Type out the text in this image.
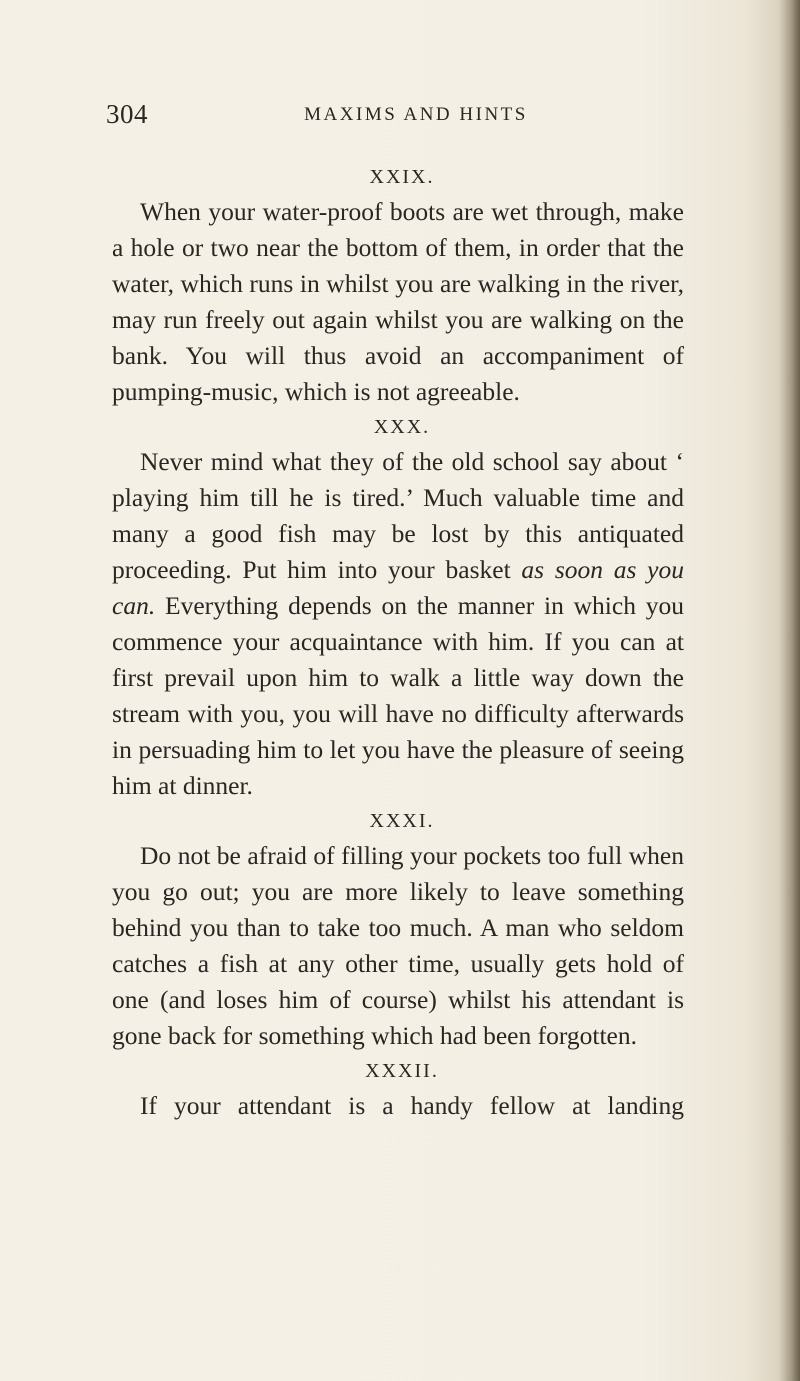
304	MAXIMS AND HINTS

XXIX.

When your water-proof boots are wet through, make a hole or two near the bottom of them, in order that the water, which runs in whilst you are walking in the river, may run freely out again whilst you are walking on the bank. You will thus avoid an accompaniment of pumping-music, which is not agreeable.

XXX.

Never mind what they of the old school say about ‘ playing him till he is tired.’ Much valuable time and many a good fish may be lost by this antiquated proceeding. Put him into your basket as soon as you can. Everything depends on the manner in which you commence your acquaintance with him. If you can at first prevail upon him to walk a little way down the stream with you, you will have no difficulty afterwards in persuading him to let you have the pleasure of seeing him at dinner.

XXXI.

Do not be afraid of filling your pockets too full when you go out; you are more likely to leave something behind you than to take too much. A man who seldom catches a fish at any other time, usually gets hold of one (and loses him of course) whilst his attendant is gone back for something which had been forgotten.

XXXII.

If your attendant is a handy fellow at landing
